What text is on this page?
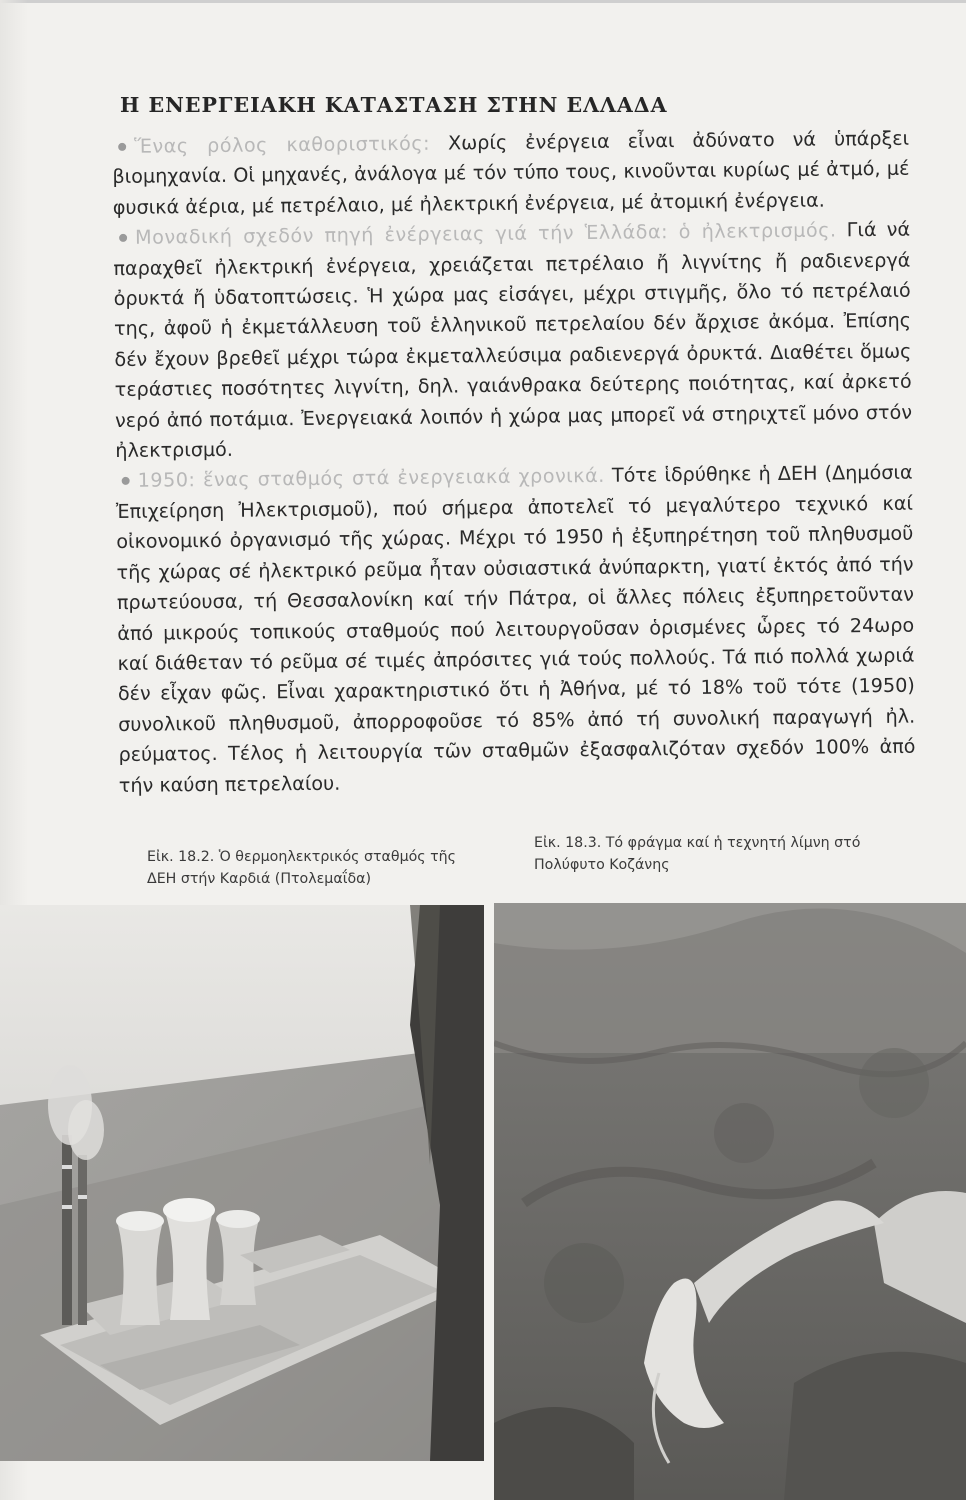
Η ΕΝΕΡΓΕΙΑΚΗ ΚΑΤΑΣΤΑΣΗ ΣΤΗΝ ΕΛΛΑΔΑ

Ἕνας ρόλος καθοριστικός: Χωρίς ἐνέργεια εἶναι ἀδύνατο νά ὑπάρξει βιομηχανία. Οἱ μηχανές, ἀνάλογα μέ τόν τύπο τους, κινοῦνται κυρίως μέ ἀτμό, μέ φυσικά ἀέρια, μέ πετρέλαιο, μέ ἠλεκτρική ἐνέργεια, μέ ἀτομική ἐνέργεια.

Μοναδική σχεδόν πηγή ἐνέργειας γιά τήν Ἑλλάδα: ὁ ἠλεκτρισμός. Γιά νά παραχθεῖ ἠλεκτρική ἐνέργεια, χρειάζεται πετρέλαιο ἤ λιγνίτης ἤ ραδιενεργά ὀρυκτά ἤ ὑδατοπτώσεις. Ἡ χώρα μας εἰσάγει, μέχρι στιγμῆς, ὅλο τό πετρέλαιό της, ἀφοῦ ἡ ἐκμετάλλευση τοῦ ἑλληνικοῦ πετρελαίου δέν ἄρχισε ἀκόμα. Ἐπίσης δέν ἔχουν βρεθεῖ μέχρι τώρα ἐκμεταλλεύσιμα ραδιενεργά ὀρυκτά. Διαθέτει ὅμως τεράστιες ποσότητες λιγνίτη, δηλ. γαιάνθρακα δεύτερης ποιότητας, καί ἀρκετό νερό ἀπό ποτάμια. Ἐνεργειακά λοιπόν ἡ χώρα μας μπορεῖ νά στηριχτεῖ μόνο στόν ἠλεκτρισμό.

1950: ἕνας σταθμός στά ἐνεργειακά χρονικά. Τότε ἱδρύθηκε ἡ ΔΕΗ (Δημόσια Ἐπιχείρηση Ἠλεκτρισμοῦ), πού σήμερα ἀποτελεῖ τό μεγαλύτερο τεχνικό καί οἰκονομικό ὀργανισμό τῆς χώρας. Μέχρι τό 1950 ἡ ἐξυπηρέτηση τοῦ πληθυσμοῦ τῆς χώρας σέ ἠλεκτρικό ρεῦμα ἦταν οὐσιαστικά ἀνύπαρκτη, γιατί ἐκτός ἀπό τήν πρωτεύουσα, τή Θεσσαλονίκη καί τήν Πάτρα, οἱ ἄλλες πόλεις ἐξυπηρετοῦνταν ἀπό μικρούς τοπικούς σταθμούς πού λειτουργοῦσαν ὁρισμένες ὧρες τό 24ωρο καί διάθεταν τό ρεῦμα σέ τιμές ἀπρόσιτες γιά τούς πολλούς. Τά πιό πολλά χωριά δέν εἶχαν φῶς. Εἶναι χαρακτηριστικό ὅτι ἡ Ἀθήνα, μέ τό 18% τοῦ τότε (1950) συνολικοῦ πληθυσμοῦ, ἀπορροφοῦσε τό 85% ἀπό τή συνολική παραγωγή ἠλ. ρεύματος. Τέλος ἡ λειτουργία τῶν σταθμῶν ἐξασφαλιζόταν σχεδόν 100% ἀπό τήν καύση πετρελαίου.

Εἰκ. 18.2. Ὁ θερμοηλεκτρικός σταθμός τῆς ΔΕΗ στήν Καρδιά (Πτολεμαΐδα)
Εἰκ. 18.3. Τό φράγμα καί ἡ τεχνητή λίμνη στό Πολύφυτο Κοζάνης
